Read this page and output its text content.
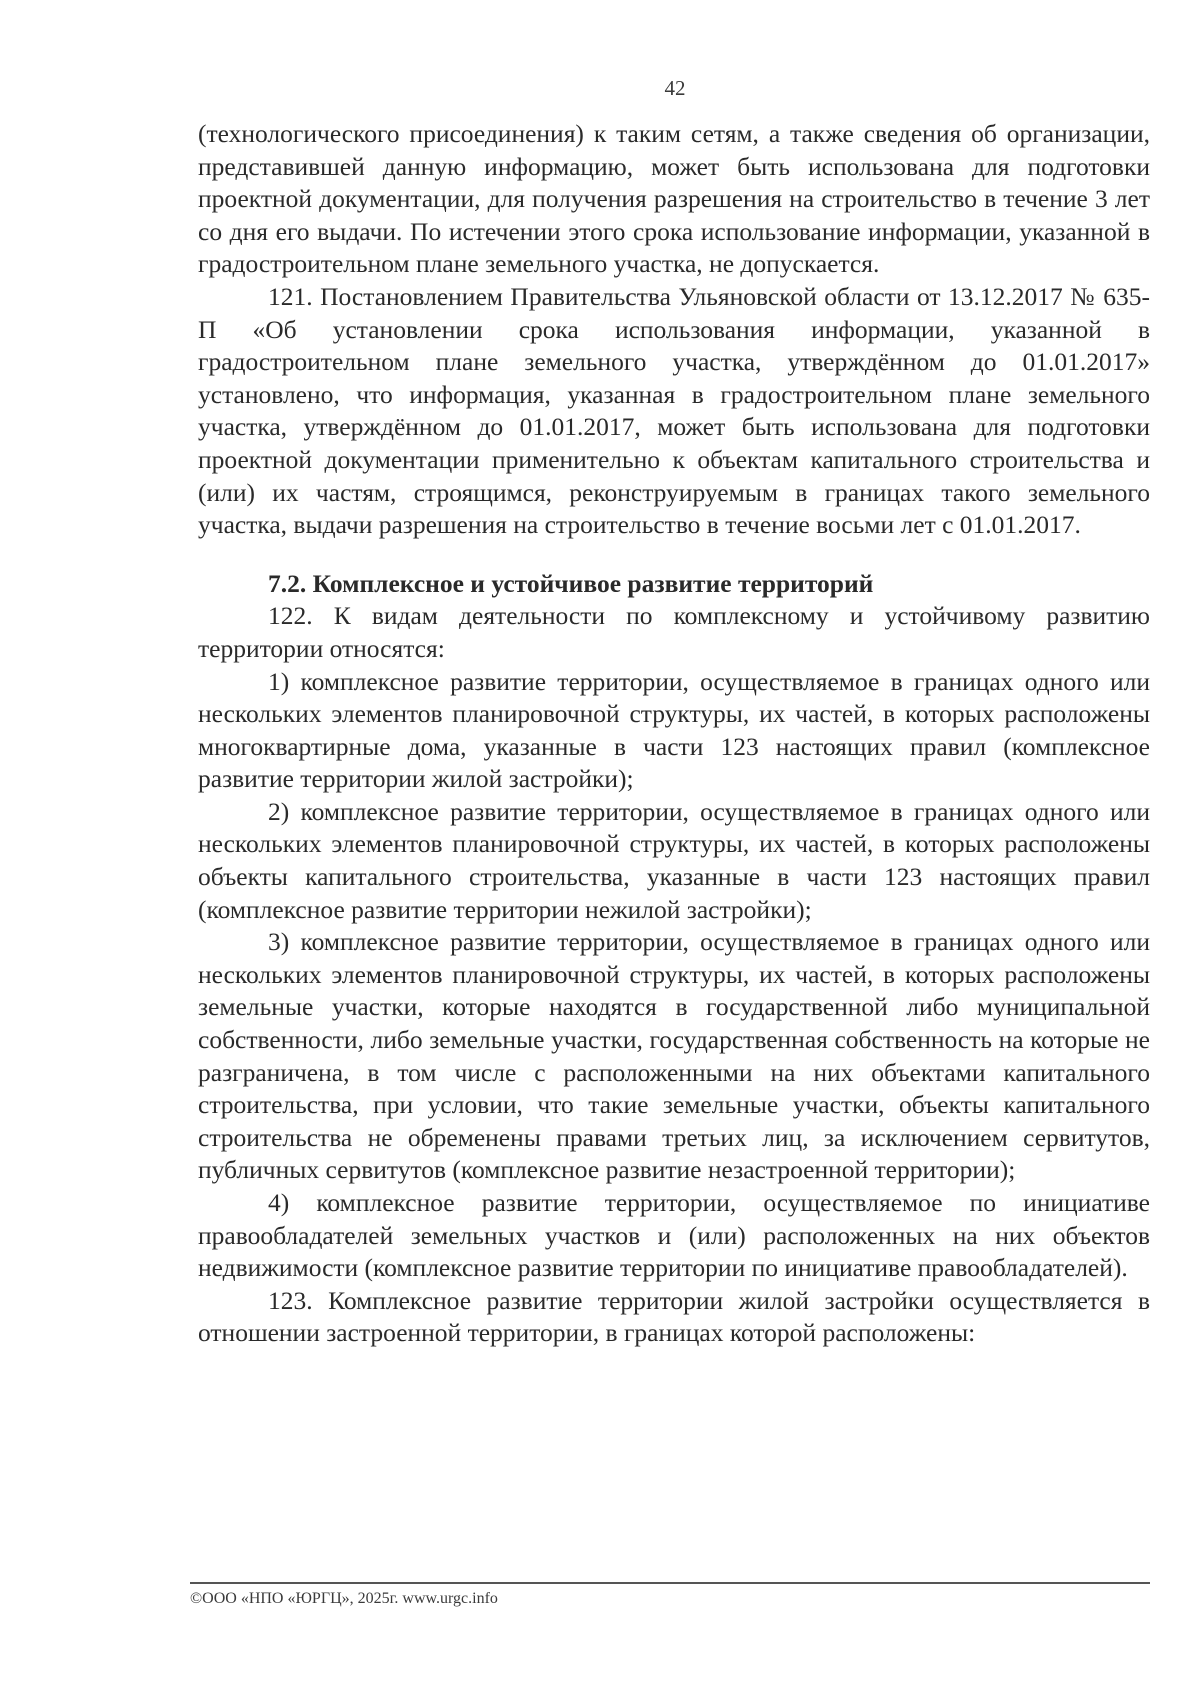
42

(технологического присоединения) к таким сетям, а также сведения об организации, представившей данную информацию, может быть использована для подготовки проектной документации, для получения разрешения на строительство в течение 3 лет со дня его выдачи. По истечении этого срока использование информации, указанной в градостроительном плане земельного участка, не допускается.

121. Постановлением Правительства Ульяновской области от 13.12.2017 № 635-П «Об установлении срока использования информации, указанной в градостроительном плане земельного участка, утверждённом до 01.01.2017» установлено, что информация, указанная в градостроительном плане земельного участка, утверждённом до 01.01.2017, может быть использована для подготовки проектной документации применительно к объектам капитального строительства и (или) их частям, строящимся, реконструируемым в границах такого земельного участка, выдачи разрешения на строительство в течение восьми лет с 01.01.2017.

7.2. Комплексное и устойчивое развитие территорий

122. К видам деятельности по комплексному и устойчивому развитию территории относятся:

1) комплексное развитие территории, осуществляемое в границах одного или нескольких элементов планировочной структуры, их частей, в которых расположены многоквартирные дома, указанные в части 123 настоящих правил (комплексное развитие территории жилой застройки);

2) комплексное развитие территории, осуществляемое в границах одного или нескольких элементов планировочной структуры, их частей, в которых расположены объекты капитального строительства, указанные в части 123 настоящих правил (комплексное развитие территории нежилой застройки);

3) комплексное развитие территории, осуществляемое в границах одного или нескольких элементов планировочной структуры, их частей, в которых расположены земельные участки, которые находятся в государственной либо муниципальной собственности, либо земельные участки, государственная собственность на которые не разграничена, в том числе с расположенными на них объектами капитального строительства, при условии, что такие земельные участки, объекты капитального строительства не обременены правами третьих лиц, за исключением сервитутов, публичных сервитутов (комплексное развитие незастроенной территории);

4) комплексное развитие территории, осуществляемое по инициативе правообладателей земельных участков и (или) расположенных на них объектов недвижимости (комплексное развитие территории по инициативе правообладателей).

123. Комплексное развитие территории жилой застройки осуществляется в отношении застроенной территории, в границах которой расположены:

©ООО «НПО «ЮРГЦ», 2025г. www.urgc.info
